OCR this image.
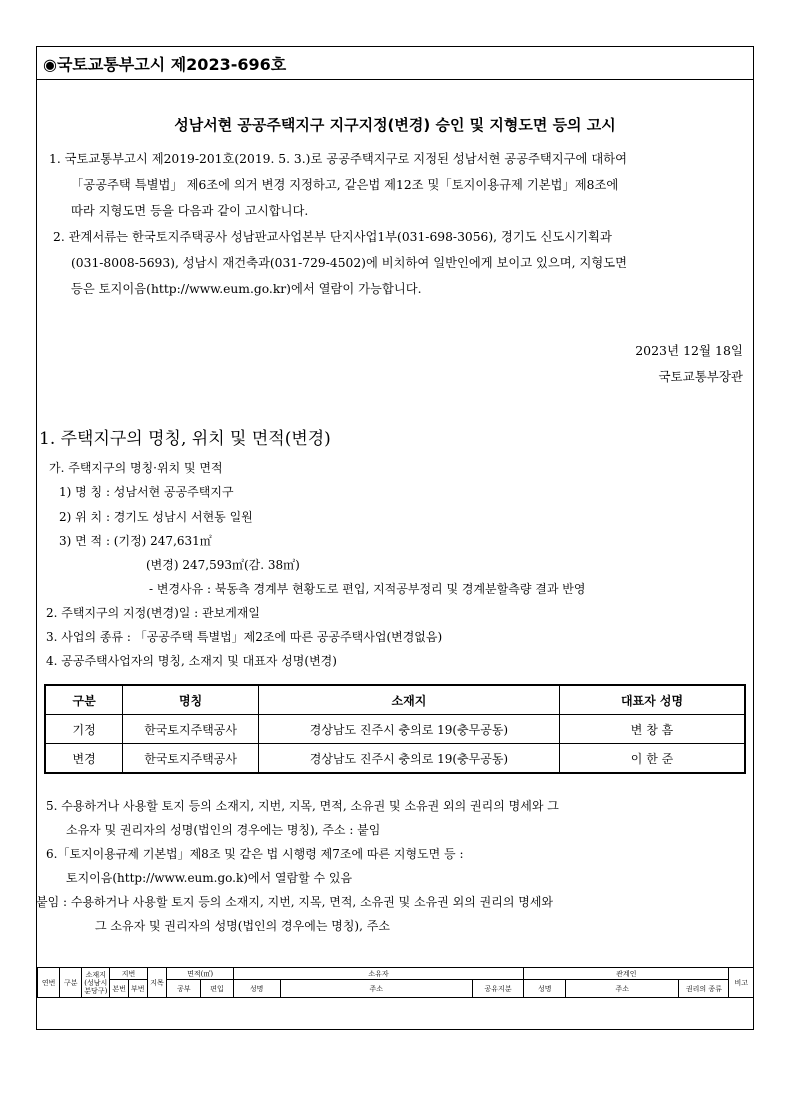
◉국토교통부고시 제2023-696호
성남서현 공공주택지구 지구지정(변경) 승인 및 지형도면 등의 고시

1. 국토교통부고시 제2019-201호(2019. 5. 3.)로 공공주택지구로 지정된 성남서현 공공주택지구에 대하여

「공공주택 특별법」 제6조에 의거 변경 지정하고, 같은법 제12조 및「토지이용규제 기본법」제8조에

따라 지형도면 등을 다음과 같이 고시합니다.

2. 관계서류는 한국토지주택공사 성남판교사업본부 단지사업1부(031-698-3056), 경기도 신도시기획과

(031-8008-5693), 성남시 재건축과(031-729-4502)에 비치하여 일반인에게 보이고 있으며, 지형도면

등은 토지이음(http://www.eum.go.kr)에서 열람이 가능합니다.

2023년 12월 18일

국토교통부장관

1. 주택지구의 명칭, 위치 및 면적(변경)
가. 주택지구의 명칭·위치 및 면적
1) 명 칭 : 성남서현 공공주택지구
2) 위 치 : 경기도 성남시 서현동 일원
3) 면 적 : (기정) 247,631㎡
(변경) 247,593㎡(감. 38㎡)
- 변경사유 : 북동측 경계부 현황도로 편입, 지적공부정리 및 경계분할측량 결과 반영
2. 주택지구의 지정(변경)일 : 관보게재일
3. 사업의 종류 : 「공공주택 특별법」제2조에 따른 공공주택사업(변경없음)
4. 공공주택사업자의 명칭, 소재지 및 대표자 성명(변경)
구분	명칭	소재지	대표자 성명
기정	한국토지주택공사	경상남도 진주시 충의로 19(충무공동)	변 창 흠
변경	한국토지주택공사	경상남도 진주시 충의로 19(충무공동)	이 한 준
5. 수용하거나 사용할 토지 등의 소재지, 지번, 지목, 면적, 소유권 및 소유권 외의 권리의 명세와 그
소유자 및 권리자의 성명(법인의 경우에는 명칭), 주소 : 붙임
6.「토지이용규제 기본법」제8조 및 같은 법 시행령 제7조에 따른 지형도면 등 :
토지이음(http://www.eum.go.k)에서 열람할 수 있음
붙임 : 수용하거나 사용할 토지 등의 소재지, 지번, 지목, 면적, 소유권 및 소유권 외의 권리의 명세와
그 소유자 및 권리자의 성명(법인의 경우에는 명칭), 주소
연번	구분	소재지 (성남시 분당구)	지번		지목	면적(㎡)		소유자			관계인			비고
			본번	부번		공부	편입	성명	주소	공유지분	성명	주소	권리의 종류	
